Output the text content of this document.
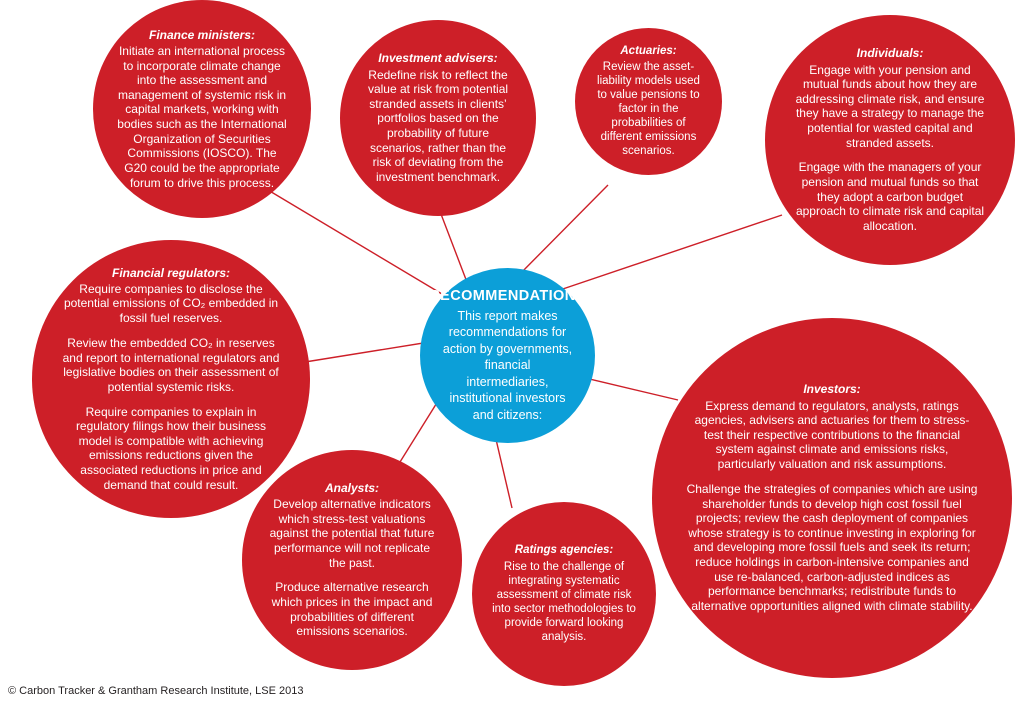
RECOMMENDATIONS
This report makes recommendations for action by governments, financial intermediaries, institutional investors and citizens:
Finance ministers:
Initiate an international process to incorporate climate change into the assessment and management of systemic risk in capital markets, working with bodies such as the International Organization of Securities Commissions (IOSCO). The G20 could be the appropriate forum to drive this process.
Investment advisers:
Redefine risk to reflect the value at risk from potential stranded assets in clients’ portfolios based on the probability of future scenarios, rather than the risk of deviating from the investment benchmark.
Actuaries:
Review the asset-liability models used to value pensions to factor in the probabilities of different emissions scenarios.
Individuals:
Engage with your pension and mutual funds about how they are addressing climate risk, and ensure they have a strategy to manage the potential for wasted capital and stranded assets.
Engage with the managers of your pension and mutual funds so that they adopt a carbon budget approach to climate risk and capital allocation.
Financial regulators:
Require companies to disclose the potential emissions of CO₂ embedded in fossil fuel reserves.
Review the embedded CO₂ in reserves and report to international regulators and legislative bodies on their assessment of potential systemic risks.
Require companies to explain in regulatory filings how their business model is compatible with achieving emissions reductions given the associated reductions in price and demand that could result.	Analysts:
Develop alternative indicators which stress-test valuations against the potential that future performance will not replicate the past.
Produce alternative research which prices in the impact and probabilities of different emissions scenarios.
Ratings agencies:
Rise to the challenge of integrating systematic assessment of climate risk into sector methodologies to provide forward looking analysis.
Investors:
Express demand to regulators, analysts, ratings agencies, advisers and actuaries for them to stress-test their respective contributions to the financial system against climate and emissions risks, particularly valuation and risk assumptions.
Challenge the strategies of companies which are using shareholder funds to develop high cost fossil fuel projects; review the cash deployment of companies whose strategy is to continue investing in exploring for and developing more fossil fuels and seek its return; reduce holdings in carbon-intensive companies and use re-balanced, carbon-adjusted indices as performance benchmarks; redistribute funds to alternative opportunities aligned with climate stability.
© Carbon Tracker & Grantham Research Institute, LSE 2013
